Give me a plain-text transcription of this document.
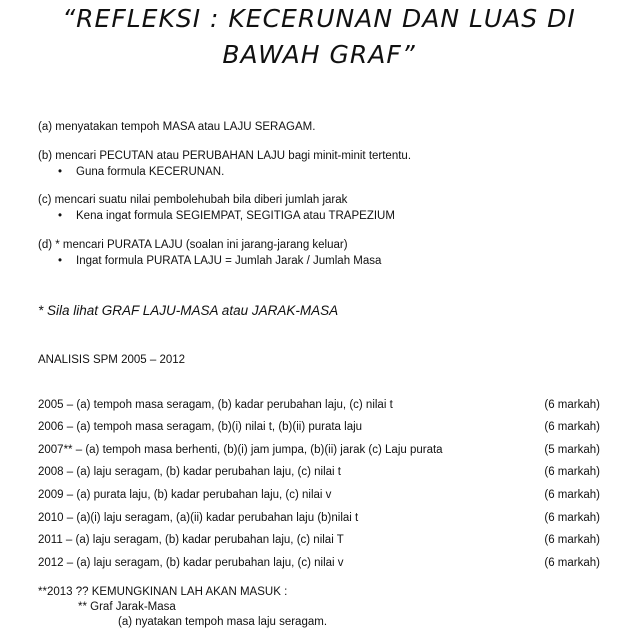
“REFLEKSI : KECERUNAN DAN LUAS DI
BAWAH GRAF”
(a) menyatakan tempoh MASA atau LAJU SERAGAM.
(b) mencari PECUTAN atau PERUBAHAN LAJU bagi minit-minit tertentu.
• Guna formula KECERUNAN.
(c) mencari suatu nilai pembolehubah bila diberi jumlah jarak
• Kena ingat formula SEGIEMPAT, SEGITIGA atau TRAPEZIUM
(d) * mencari PURATA LAJU (soalan ini jarang-jarang keluar)
• Ingat formula PURATA LAJU = Jumlah Jarak / Jumlah Masa
* Sila lihat GRAF LAJU-MASA atau JARAK-MASA
ANALISIS SPM 2005 – 2012
2005 – (a) tempoh masa seragam, (b) kadar perubahan laju, (c) nilai t	(6 markah)
2006 – (a) tempoh masa seragam, (b)(i) nilai t, (b)(ii) purata laju	(6 markah)
2007** – (a) tempoh masa berhenti, (b)(i) jam jumpa, (b)(ii) jarak (c) Laju purata	(5 markah)
2008 – (a) laju seragam, (b) kadar perubahan laju, (c) nilai t	(6 markah)
2009 – (a) purata laju, (b) kadar perubahan laju, (c) nilai v	(6 markah)
2010 – (a)(i) laju seragam, (a)(ii) kadar perubahan laju (b)nilai t	(6 markah)
2011 – (a) laju seragam, (b) kadar perubahan laju, (c) nilai T	(6 markah)
2012 – (a) laju seragam, (b) kadar perubahan laju, (c) nilai v	(6 markah)
**2013 ?? KEMUNGKINAN LAH AKAN MASUK :
** Graf Jarak-Masa
(a) nyatakan tempoh masa laju seragam.
